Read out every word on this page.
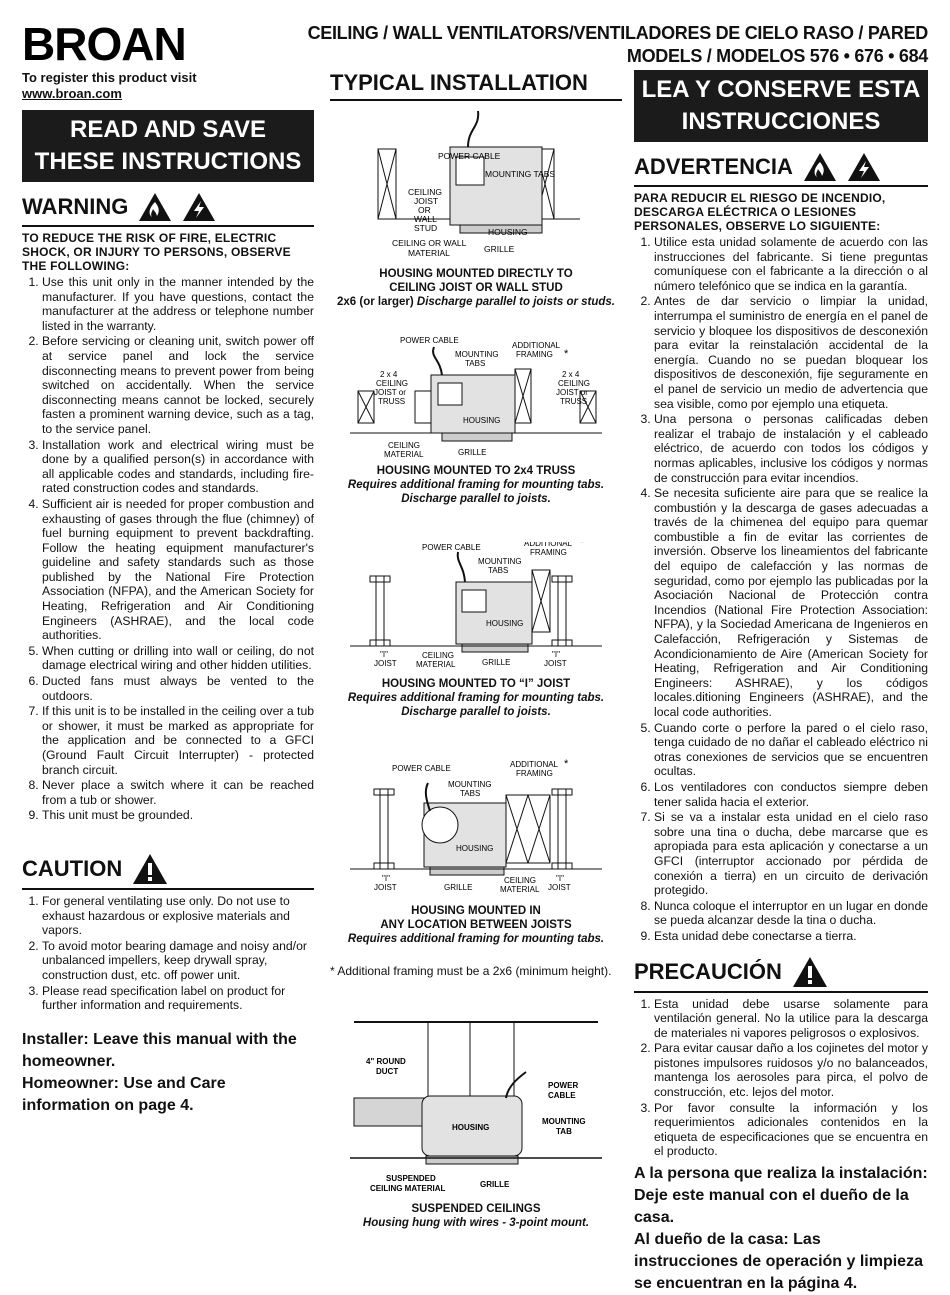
BROAN
To register this product visit
www.broan.com
CEILING / WALL VENTILATORS/VENTILADORES DE CIELO RASO / PARED
MODELS / MODELOS 576 • 676 • 684
READ AND SAVE
THESE INSTRUCTIONS
WARNING
TO REDUCE THE RISK OF FIRE, ELECTRIC SHOCK, OR INJURY TO PERSONS, OBSERVE THE FOLLOWING:
1. Use this unit only in the manner intended by the manufacturer. If you have questions, contact the manufacturer at the address or telephone number listed in the warranty.
2. Before servicing or cleaning unit, switch power off at service panel and lock the service disconnecting means to prevent power from being switched on accidentally. When the service disconnecting means cannot be locked, securely fasten a prominent warning device, such as a tag, to the service panel.
3. Installation work and electrical wiring must be done by a qualified person(s) in accordance with all applicable codes and standards, including fire-rated construction codes and standards.
4. Sufficient air is needed for proper combustion and exhausting of gases through the flue (chimney) of fuel burning equipment to prevent backdrafting. Follow the heating equipment manufacturer's guideline and safety standards such as those published by the National Fire Protection Association (NFPA), and the American Society for Heating, Refrigeration and Air Conditioning Engineers (ASHRAE), and the local code authorities.
5. When cutting or drilling into wall or ceiling, do not damage electrical wiring and other hidden utilities.
6. Ducted fans must always be vented to the outdoors.
7. If this unit is to be installed in the ceiling over a tub or shower, it must be marked as appropriate for the application and be connected to a GFCI (Ground Fault Circuit Interrupter) - protected branch circuit.
8. Never place a switch where it can be reached from a tub or shower.
9. This unit must be grounded.
CAUTION
1. For general ventilating use only. Do not use to exhaust hazardous or explosive materials and vapors.
2. To avoid motor bearing damage and noisy and/or unbalanced impellers, keep drywall spray, construction dust, etc. off power unit.
3. Please read specification label on product for further information and requirements.
Installer: Leave this manual with the homeowner.
Homeowner: Use and Care information on page 4.
TYPICAL INSTALLATION
POWER CABLE
MOUNTING TABS
CEILING
JOIST
OR
WALL
STUD	HOUSING

CEILING OR WALL
MATERIAL	GRILLE
HOUSING MOUNTED DIRECTLY TO
CEILING JOIST OR WALL STUD
2x6 (or larger) Discharge parallel to joists or studs.
POWER CABLE
MOUNTING
TABS
ADDITIONAL
FRAMING *
2 x 4
CEILING
JOIST or
TRUSS
2 x 4
CEILING
JOIST or
TRUSS
HOUSING
CEILING
MATERIAL	GRILLE
HOUSING MOUNTED TO 2x4 TRUSS
Requires additional framing for mounting tabs.
Discharge parallel to joists.
POWER CABLE	ADDITIONAL
FRAMING
*
MOUNTING
TABS
HOUSING
"I"
JOIST
CEILING
MATERIAL	GRILLE
"I"
JOIST
HOUSING MOUNTED TO “I” JOIST
Requires additional framing for mounting tabs.
Discharge parallel to joists.
POWER CABLE	ADDITIONAL
FRAMING
*
MOUNTING
TABS
HOUSING
"I"
JOIST	GRILLE
CEILING
MATERIAL
"I"
JOIST
HOUSING MOUNTED IN
ANY LOCATION BETWEEN JOISTS
Requires additional framing for mounting tabs.
* Additional framing must be a 2x6 (minimum height).
4" ROUND
DUCT
POWER
CABLE
HOUSING
MOUNTING
TAB

SUSPENDED
CEILING MATERIAL	GRILLE
SUSPENDED CEILINGS
Housing hung with wires - 3-point mount.
LEA Y CONSERVE ESTA
INSTRUCCIONES
ADVERTENCIA
PARA REDUCIR EL RIESGO DE INCENDIO, DESCARGA ELÉCTRICA O LESIONES PERSONALES, OBSERVE LO SIGUIENTE:
1. Utilice esta unidad solamente de acuerdo con las instrucciones del fabricante. Si tiene preguntas comuníquese con el fabricante a la dirección o al número telefónico que se indica en la garantía.
2. Antes de dar servicio o limpiar la unidad, interrumpa el suministro de energía en el panel de servicio y bloquee los dispositivos de desconexión para evitar la reinstalación accidental de la energía. Cuando no se puedan bloquear los dispositivos de desconexión, fije seguramente en el panel de servicio un medio de advertencia que sea visible, como por ejemplo una etiqueta.
3. Una persona o personas calificadas deben realizar el trabajo de instalación y el cableado eléctrico, de acuerdo con todos los códigos y normas aplicables, inclusive los códigos y normas de construcción para evitar incendios.
4. Se necesita suficiente aire para que se realice la combustión y la descarga de gases adecuadas a través de la chimenea del equipo para quemar combustible a fin de evitar las corrientes de inversión. Observe los lineamientos del fabricante del equipo de calefacción y las normas de seguridad, como por ejemplo las publicadas por la Asociación Nacional de Protección contra Incendios (National Fire Protection Association: NFPA), y la Sociedad Americana de Ingenieros en Calefacción, Refrigeración y Sistemas de Acondicionamiento de Aire (American Society for Heating, Refrigeration and Air Conditioning Engineers: ASHRAE), y los códigos locales.ditioning Engineers (ASHRAE), and the local code authorities.
5. Cuando corte o perfore la pared o el cielo raso, tenga cuidado de no dañar el cableado eléctrico ni otras conexiones de servicios que se encuentren ocultas.
6. Los ventiladores con conductos siempre deben tener salida hacia el exterior.
7. Si se va a instalar esta unidad en el cielo raso sobre una tina o ducha, debe marcarse que es apropiada para esta aplicación y conectarse a un GFCI (interruptor accionado por pérdida de conexión a tierra) en un circuito de derivación protegido.
8. Nunca coloque el interruptor en un lugar en donde se pueda alcanzar desde la tina o ducha.
9. Esta unidad debe conectarse a tierra.
PRECAUCIÓN
1. Esta unidad debe usarse solamente para ventilación general. No la utilice para la descarga de materiales ni vapores peligrosos o explosivos.
2. Para evitar causar daño a los cojinetes del motor y pistones impulsores ruidosos y/o no balanceados, mantenga los aerosoles para pirca, el polvo de construcción, etc. lejos del motor.
3. Por favor consulte la información y los requerimientos adicionales contenidos en la etiqueta de especificaciones que se encuentra en el producto.
A la persona que realiza la instalación: Deje este manual con el dueño de la casa.
Al dueño de la casa: Las instrucciones de operación y limpieza se encuentran en la página 4.
